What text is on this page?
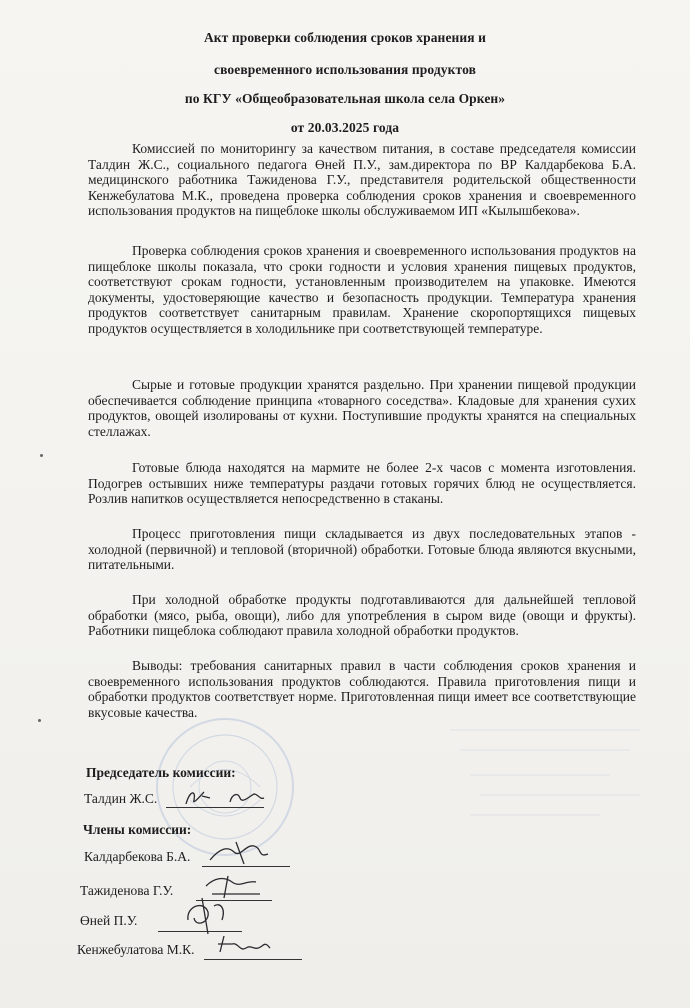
Акт проверки соблюдения сроков хранения и
своевременного использования продуктов
по КГУ «Общеобразовательная школа села Оркен»
от 20.03.2025 года
Комиссией по мониторингу за качеством питания, в составе председателя комиссии Талдин Ж.С., социального педагога Өней П.У., зам.директора по ВР Калдарбекова Б.А. медицинского работника Тажиденова Г.У., представителя родительской общественности Кенжебулатова М.К., проведена проверка соблюдения сроков хранения и своевременного использования продуктов на пищеблоке школы обслуживаемом ИП «Кылышбекова».
Проверка соблюдения сроков хранения и своевременного использования продуктов на пищеблоке школы показала, что сроки годности и условия хранения пищевых продуктов, соответствуют срокам годности, установленным производителем на упаковке. Имеются документы, удостоверяющие качество и безопасность продукции. Температура хранения продуктов соответствует санитарным правилам. Хранение скоропортящихся пищевых продуктов осуществляется в холодильнике при соответствующей температуре.
Сырые и готовые продукции хранятся раздельно. При хранении пищевой продукции обеспечивается соблюдение принципа «товарного соседства». Кладовые для хранения сухих продуктов, овощей изолированы от кухни. Поступившие продукты хранятся на специальных стеллажах.
Готовые блюда находятся на мармите не более 2-х часов с момента изготовления. Подогрев остывших ниже температуры раздачи готовых горячих блюд не осуществляется. Розлив напитков осуществляется непосредственно в стаканы.
Процесс приготовления пищи складывается из двух последовательных этапов - холодной (первичной) и тепловой (вторичной) обработки. Готовые блюда являются вкусными, питательными.
При холодной обработке продукты подготавливаются для дальнейшей тепловой обработки (мясо, рыба, овощи), либо для употребления в сыром виде (овощи и фрукты). Работники пищеблока соблюдают правила холодной обработки продуктов.
Выводы: требования санитарных правил в части соблюдения сроков хранения и своевременного использования продуктов соблюдаются. Правила приготовления пищи и обработки продуктов соответствует норме. Приготовленная пищи имеет все соответствующие вкусовые качества.
Председатель комиссии:
Талдин Ж.С.
Члены комиссии:
Калдарбекова Б.А.
Тажиденова Г.У.
Өней П.У.
Кенжебулатова М.К.
